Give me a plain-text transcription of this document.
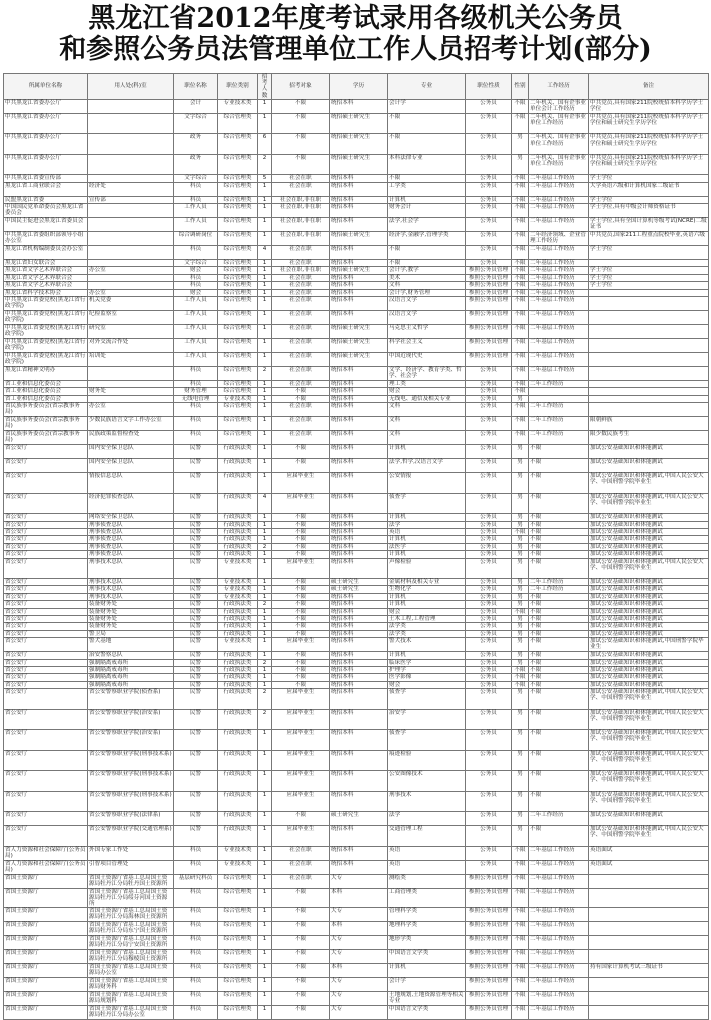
黑龙江省2012年度考试录用各级机关公务员
和参照公务员法管理单位工作人员招考计划(部分)
所属单位名称	用人处(科)室	职位名称	职位类别	招考人数	招考对象	学历	专业	职位性质	性别	工作经历	备注
中共黑龙江省委办公厅		会计	专业技术类	1	不限	统招本科	会计学	公务员	不限	二年机关、国有企事业单位会计工作经历	中共党员,具有国家211院校统招本科学历学士学位
中共黑龙江省委办公厅		文字综合	综合管理类	1	不限	统招硕士研究生	不限	公务员	不限	二年机关、国有企事业单位工作经历	中共党员,具有国家211院校统招本科学历学士学位和硕士研究生学历学位
中共黑龙江省委办公厅		政务	综合管理类	6	不限	统招硕士研究生	不限	公务员	男	二年机关、国有企事业单位工作经历	中共党员,具有国家211院校统招本科学历学士学位和硕士研究生学历学位
中共黑龙江省委办公厅		政务	综合管理类	2	不限	统招硕士研究生	本科法律专业	公务员	男	二年机关、国有企事业单位工作经历	中共党员,具有国家211院校统招本科学历学士学位和硕士研究生学历学位
中共黑龙江省委宣传部		文字综合	综合管理类	5	社会在职	统招本科	不限	公务员	不限	二年基层工作经历	学士学位
黑龙江省工商业联合会	经济处	科员	综合管理类	1	社会在职	统招本科	工学类	公务员	不限	二年基层工作经历	大学英语六级和计算机国家二级证书
民盟黑龙江省委	宣传部	科员	综合管理类	1	社会在职,非在职	统招本科	计算机	公务员	不限	二年基层工作经历	学士学位
中国国民党革命委员会黑龙江省委员会		工作人员	综合管理类	1	社会在职,非在职	统招本科	财务会计	公务员	不限	二年基层工作经历	学士学位,具有中级会计师资格证书
中国民主促进会黑龙江省委员会		工作人员	综合管理类	1	社会在职,非在职	统招本科	法学,社会学	公务员	不限	二年基层工作经历	学士学位,具有全国计算机等级考试(NCRE)二级证书
中共黑龙江省委组织部领导小组办公室		综合调研岗位	综合管理类	1	社会在职,非在职	统招硕士研究生	经济学,金融学,管理学类	公务员	不限	二年经济领域、企业管理工作经历	中共党员,国家211工程重点院校毕业,英语六级
黑龙江省机构编制委员会办公室		科员	综合管理类	4	社会在职	统招本科	不限	公务员	不限	二年基层工作经历	学士学位
黑龙江省妇女联合会		文字综合	综合管理类	1	社会在职	统招本科	不限	公务员	不限	二年基层工作经历	
黑龙江省文学艺术界联合会	办公室	财会	综合管理类	1	社会在职,非在职	统招硕士研究生	会计学,教学	参照公务员管理	不限	二年基层工作经历	学士学位
黑龙江省文学艺术界联合会		科员	综合管理类	1	社会在职	统招本科	美术	参照公务员管理	不限	二年基层工作经历	学士学位
黑龙江省文学艺术界联合会		科员	综合管理类	1	社会在职	统招本科	文科	参照公务员管理	不限	二年基层工作经历	学士学位
黑龙江省科学技术协会	办公室	财会	综合管理类	1	社会在职	统招本科	会计学,财务管理	参照公务员管理	不限	二年基层工作经历	
中共黑龙江省委党校(黑龙江省行政学院)	机关党委	工作人员	综合管理类	1	社会在职	统招本科	汉语言文学	参照公务员管理	不限	二年基层工作经历	
中共黑龙江省委党校(黑龙江省行政学院)	纪检监察室	工作人员	综合管理类	1	社会在职	统招本科	汉语言文学	参照公务员管理	不限	二年基层工作经历	
中共黑龙江省委党校(黑龙江省行政学院)	研究室	工作人员	综合管理类	1	社会在职	统招硕士研究生	马克思主义哲学	参照公务员管理	不限	二年基层工作经历	
中共黑龙江省委党校(黑龙江省行政学院)	对外交流合作处	工作人员	综合管理类	1	社会在职	统招硕士研究生	科学社会主义	参照公务员管理	不限	二年基层工作经历	
中共黑龙江省委党校(黑龙江省行政学院)	培训处	工作人员	综合管理类	1	社会在职	统招硕士研究生	中国近现代史	参照公务员管理	不限	二年基层工作经历	
黑龙江省精神文明办		科员	综合管理类	2	社会在职	统招本科	文学、经济学、教育学类、哲学、社会学	公务员	不限	二年基层工作经历	
省工业和信息化委员会		科员	综合管理类	1	社会在职	统招本科	理工类	公务员	不限	二年工作经历	
省工业和信息化委员会	财务处	财务管理	综合管理类	1	不限	统招本科	财会	公务员	不限		
省工业和信息化委员会		无线电管理	专业技术类	1	不限	统招本科	无线电、通信及相关专业	公务员	男		
省民族事务委员会(省宗教事务局)	办公室	科员	综合管理类	1	社会在职	统招本科	文科	公务员	不限	二年工作经历	
省民族事务委员会(省宗教事务局)	少数民族语言文字工作办公室	科员	综合管理类	1	社会在职	统招本科	文科	公务员	不限	二年工作经历	限朝鲜族
省民族事务委员会(省宗教事务局)	民族政策监督检查处	科员	综合管理类	1	社会在职	统招本科	文科	公务员	不限	二年工作经历	限少数民族考生
省公安厅	国内安全保卫总队	民警	行政执法类	1	不限	统招本科	计算机	公务员	男	不限	加试公安基础知识和体能测试
省公安厅	国内安全保卫总队	民警	行政执法类	1	不限	统招本科	法学,哲学,汉语言文学	公务员	男	不限	加试公安基础知识和体能测试
省公安厅	情报信息总队	民警	行政执法类	1	应届毕业生	统招本科	公安情报	公务员	男	不限	加试公安基础知识和体能测试,中国人民公安大学、中国刑警学院毕业生
省公安厅	经济犯罪侦查总队	民警	行政执法类	4	应届毕业生	统招本科	侦查学	公务员	男	不限	加试公安基础知识和体能测试,中国人民公安大学、中国刑警学院毕业生
省公安厅	网络安全保卫总队	民警	行政执法类	1	不限	统招本科	计算机	公务员	男	不限	加试公安基础知识和体能测试
省公安厅	刑事侦查总队	民警	行政执法类	1	不限	统招本科	法学	公务员	男	不限	加试公安基础知识和体能测试
省公安厅	刑事侦查总队	民警	行政执法类	1	不限	统招本科	英语	公务员	不限	不限	加试公安基础知识和体能测试
省公安厅	刑事侦查总队	民警	行政执法类	1	不限	统招本科	计算机	公务员	男	不限	加试公安基础知识和体能测试
省公安厅	刑事侦查总队	民警	行政执法类	2	不限	统招本科	法医学	公务员	男	不限	加试公安基础知识和体能测试
省公安厅	刑事侦查总队	民警	行政执法类	1	不限	统招本科	计算机	公务员	男	不限	加试公安基础知识和体能测试
省公安厅	刑事技术总队	民警	专业技术类	1	应届毕业生	统招本科	声像检验	公务员	男	不限	加试公安基础知识和体能测试,中国人民公安大学、中国刑警学院毕业生
省公安厅	刑事技术总队	民警	专业技术类	1	不限	硕士研究生	金属材料及相关专业	公务员	男	二年工作经历	加试公安基础知识和体能测试
省公安厅	刑事技术总队	民警	专业技术类	1	不限	硕士研究生	生物化学	公务员	男	二年工作经历	加试公安基础知识和体能测试
省公安厅	刑事技术总队	民警	专业技术类	1	不限	统招本科	计算机	公务员	男	不限	加试公安基础知识和体能测试
省公安厅	装备财务处	民警	行政执法类	2	不限	统招本科	计算机	公务员	男	不限	加试公安基础知识和体能测试
省公安厅	装备财务处	民警	行政执法类	1	不限	统招本科	财会	公务员	不限	不限	加试公安基础知识和体能测试
省公安厅	装备财务处	民警	行政执法类	1	不限	统招本科	土木工程,工程管理	公务员	男	不限	加试公安基础知识和体能测试
省公安厅	装备财务处	民警	行政执法类	1	不限	统招本科	法学类	公务员	男	不限	加试公安基础知识和体能测试
省公安厅	警卫局	民警	行政执法类	1	不限	统招本科	法学类	公务员	男	不限	加试公安基础知识和体能测试
省公安厅	警犬基地	民警	专业技术类	1	应届毕业生	统招本科	警犬技术	公务员	男	不限	加试公安基础知识和体能测试,中国刑警学院毕业生
省公安厅	治安警察总队	民警	行政执法类	1	不限	统招本科	计算机	公务员	男	不限	加试公安基础知识和体能测试
省公安厅	强制隔离戒毒所	民警	行政执法类	2	不限	统招本科	临床医学	公务员	男	不限	加试公安基础知识和体能测试
省公安厅	强制隔离戒毒所	民警	行政执法类	1	不限	统招本科	护理学	公务员	不限	不限	加试公安基础知识和体能测试
省公安厅	强制隔离戒毒所	民警	行政执法类	1	不限	统招本科	医学影像	公务员	不限	不限	加试公安基础知识和体能测试
省公安厅	强制隔离戒毒所	民警	行政执法类	1	不限	统招本科	财会	公务员	不限	不限	加试公安基础知识和体能测试
省公安厅	省公安警察职业学院(侦查系)	民警	行政执法类	2	应届毕业生	统招本科	侦查学	公务员	男	不限	加试公安基础知识和体能测试,中国人民公安大学、中国刑警学院毕业生
省公安厅	省公安警察职业学院(治安系)	民警	行政执法类	2	应届毕业生	统招本科	治安学	公务员	男	不限	加试公安基础知识和体能测试,中国人民公安大学、中国刑警学院毕业生
省公安厅	省公安警察职业学院(治安系)	民警	行政执法类	1	应届毕业生	统招本科	侦查学	公务员	男	不限	加试公安基础知识和体能测试,中国人民公安大学、中国刑警学院毕业生
省公安厅	省公安警察职业学院(刑事技术系)	民警	行政执法类	1	应届毕业生	统招本科	痕迹检验	公务员	男	不限	加试公安基础知识和体能测试,中国人民公安大学、中国刑警学院毕业生
省公安厅	省公安警察职业学院(刑事技术系)	民警	行政执法类	1	应届毕业生	统招本科	公安图像技术	公务员	男	不限	加试公安基础知识和体能测试,中国人民公安大学、中国刑警学院毕业生
省公安厅	省公安警察职业学院(刑事技术系)	民警	行政执法类	1	应届毕业生	统招本科	刑事技术	公务员	男	不限	加试公安基础知识和体能测试,中国人民公安大学、中国刑警学院毕业生
省公安厅	省公安警察职业学院(法律系)	民警	行政执法类	1	不限	硕士研究生	法学	公务员	男	二年工作经历	加试公安基础知识和体能测试
省公安厅	省公安警察职业学院(交通管理系)	民警	行政执法类	1	应届毕业生	统招本科	交通管理工程	公务员	男	不限	加试公安基础知识和体能测试,中国人民公安大学、中国刑警学院毕业生
省人力资源和社会保障厅(公务员局)	外国专家工作处	科员	专业技术类	1	社会在职	统招本科	英语	公务员	不限	二年基层工作经历	英语面试
省人力资源和社会保障厅(公务员局)	引智项目管理处	科员	专业技术类	1	社会在职	统招本科	英语	公务员	不限	二年基层工作经历	英语面试
省国土资源厅	省国土资源厅省基工总局国土资源局牡丹江分局牡丹国土资源所	基层研究科员	综合管理类	1	社会在职	大专	测绘类	参照公务员管理	不限	二年基层工作经历	
省国土资源厅	省国土资源厅省基工总局国土资源局牡丹江分局绥芬河国土资源所	科员	综合管理类	1	不限	本科	工商管理类	参照公务员管理	不限	二年基层工作经历	
省国土资源厅	省国土资源厅省基工总局国土资源局牡丹江分局海林国土资源所	科员	综合管理类	1	不限	大专	管理科学类	参照公务员管理	不限	二年基层工作经历	
省国土资源厅	省国土资源厅省基工总局国土资源局牡丹江分局东宁国土资源所	科员	综合管理类	1	不限	本科	地理科学类	参照公务员管理	不限	二年基层工作经历	
省国土资源厅	省国土资源厅省基工总局国土资源局牡丹江分局宁安国土资源所	科员	综合管理类	1	不限	大专	地形学类	参照公务员管理	不限	二年基层工作经历	
省国土资源厅	省国土资源厅省基工总局国土资源局牡丹江分局穆棱国土资源所	科员	综合管理类	1	不限	大专	中国语言文学类	参照公务员管理	不限	二年基层工作经历	
省国土资源厅	省国土资源厅省基工总局国土资源局办公室	科员	综合管理类	1	不限	本科	计算机	参照公务员管理	不限	二年基层工作经历	持有国家计算机考试三级证书
省国土资源厅	省国土资源厅省基工总局国土资源局财务科	科员	综合管理类	1	不限	大专	会计学	参照公务员管理	不限	二年基层工作经历	
省国土资源厅	省国土资源厅省基工总局国土资源局规划科	科员	综合管理类	1	不限	大专	土地规划,土地资源管理等相关专业	参照公务员管理	不限	二年基层工作经历	
省国土资源厅	省国土资源厅省基工总局国土资源局牡丹江分局办公室	科员	综合管理类	1	不限	大专	中国语言文学类	参照公务员管理	不限	二年基层工作经历	
